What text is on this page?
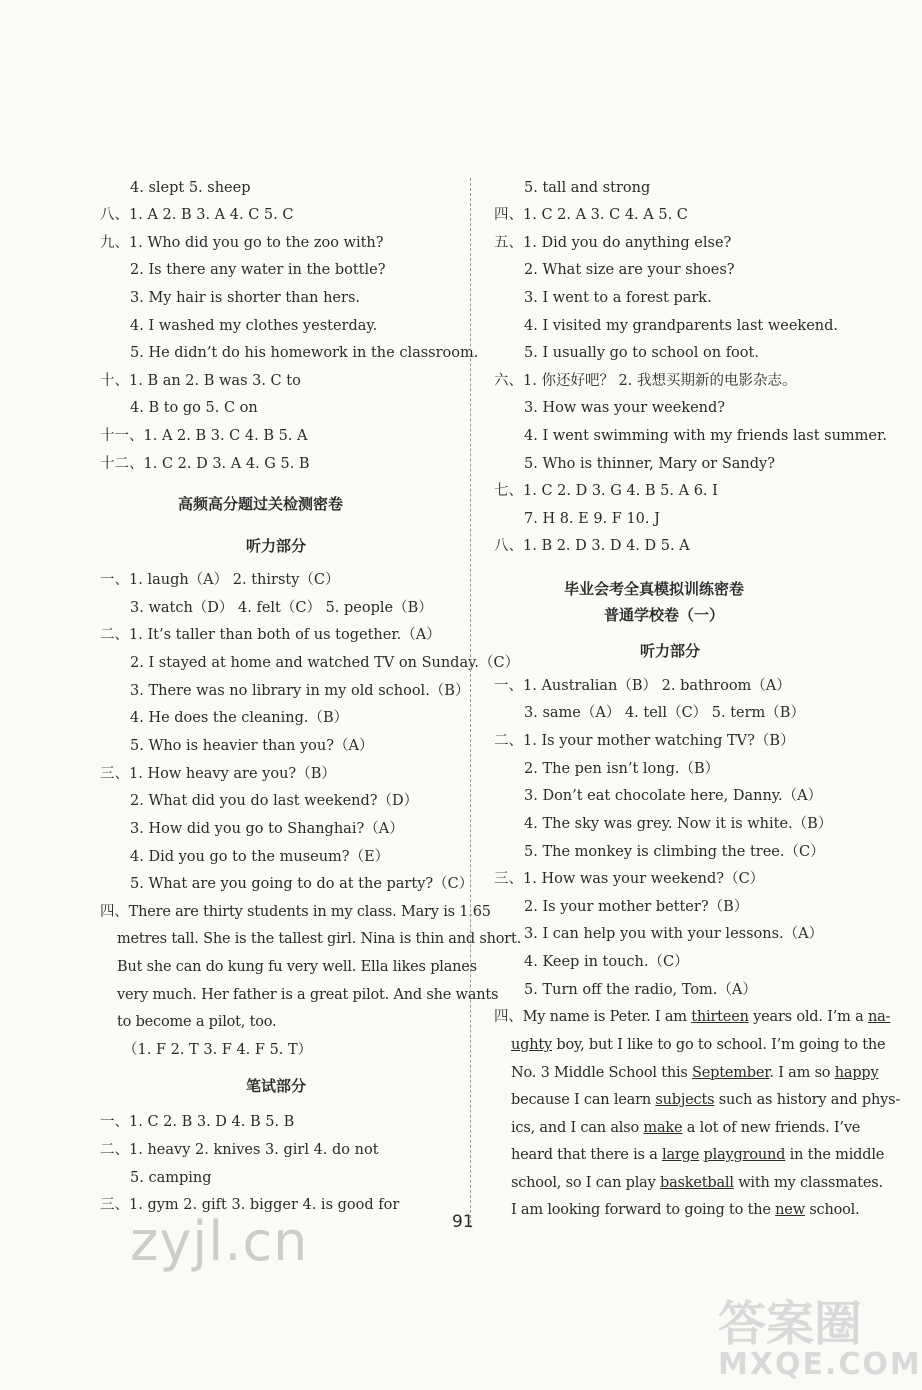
4. slept 5. sheep
八、1. A 2. B 3. A 4. C 5. C
九、1. Who did you go to the zoo with?
2. Is there any water in the bottle?
3. My hair is shorter than hers.
4. I washed my clothes yesterday.
5. He didn’t do his homework in the classroom.
十、1. B an 2. B was 3. C to
4. B to go 5. C on
十一、1. A 2. B 3. C 4. B 5. A
十二、1. C 2. D 3. A 4. G 5. B
高频高分题过关检测密卷
听力部分
一、1. laugh（A） 2. thirsty（C）
3. watch（D） 4. felt（C） 5. people（B）
二、1. It’s taller than both of us together.（A）
2. I stayed at home and watched TV on Sunday.（C）
3. There was no library in my old school.（B）
4. He does the cleaning.（B）
5. Who is heavier than you?（A）
三、1. How heavy are you?（B）
2. What did you do last weekend?（D）
3. How did you go to Shanghai?（A）
4. Did you go to the museum?（E）
5. What are you going to do at the party?（C）
四、There are thirty students in my class. Mary is 1.65
metres tall. She is the tallest girl. Nina is thin and short.
But she can do kung fu very well. Ella likes planes
very much. Her father is a great pilot. And she wants
to become a pilot, too.
（1. F 2. T 3. F 4. F 5. T）
笔试部分
一、1. C 2. B 3. D 4. B 5. B
二、1. heavy 2. knives 3. girl 4. do not
5. camping
三、1. gym 2. gift 3. bigger 4. is good for
5. tall and strong
四、1. C 2. A 3. C 4. A 5. C
五、1. Did you do anything else?
2. What size are your shoes?
3. I went to a forest park.
4. I visited my grandparents last weekend.
5. I usually go to school on foot.
六、1. 你还好吧？ 2. 我想买期新的电影杂志。
3. How was your weekend?
4. I went swimming with my friends last summer.
5. Who is thinner, Mary or Sandy?
七、1. C 2. D 3. G 4. B 5. A 6. I
7. H 8. E 9. F 10. J
八、1. B 2. D 3. D 4. D 5. A
毕业会考全真模拟训练密卷
普通学校卷（一）
听力部分
一、1. Australian（B） 2. bathroom（A）
3. same（A） 4. tell（C） 5. term（B）
二、1. Is your mother watching TV?（B）
2. The pen isn’t long.（B）
3. Don’t eat chocolate here, Danny.（A）
4. The sky was grey. Now it is white.（B）
5. The monkey is climbing the tree.（C）
三、1. How was your weekend?（C）
2. Is your mother better?（B）
3. I can help you with your lessons.（A）
4. Keep in touch.（C）
5. Turn off the radio, Tom.（A）
四、My name is Peter. I am thirteen years old. I’m a na-
ughty boy, but I like to go to school. I’m going to the
No. 3 Middle School this September. I am so happy
because I can learn subjects such as history and phys-
ics, and I can also make a lot of new friends. I’ve
heard that there is a large playground in the middle
school, so I can play basketball with my classmates.
I am looking forward to going to the new school.
91
zyjl.cn
答案圈
MXQE.COM
